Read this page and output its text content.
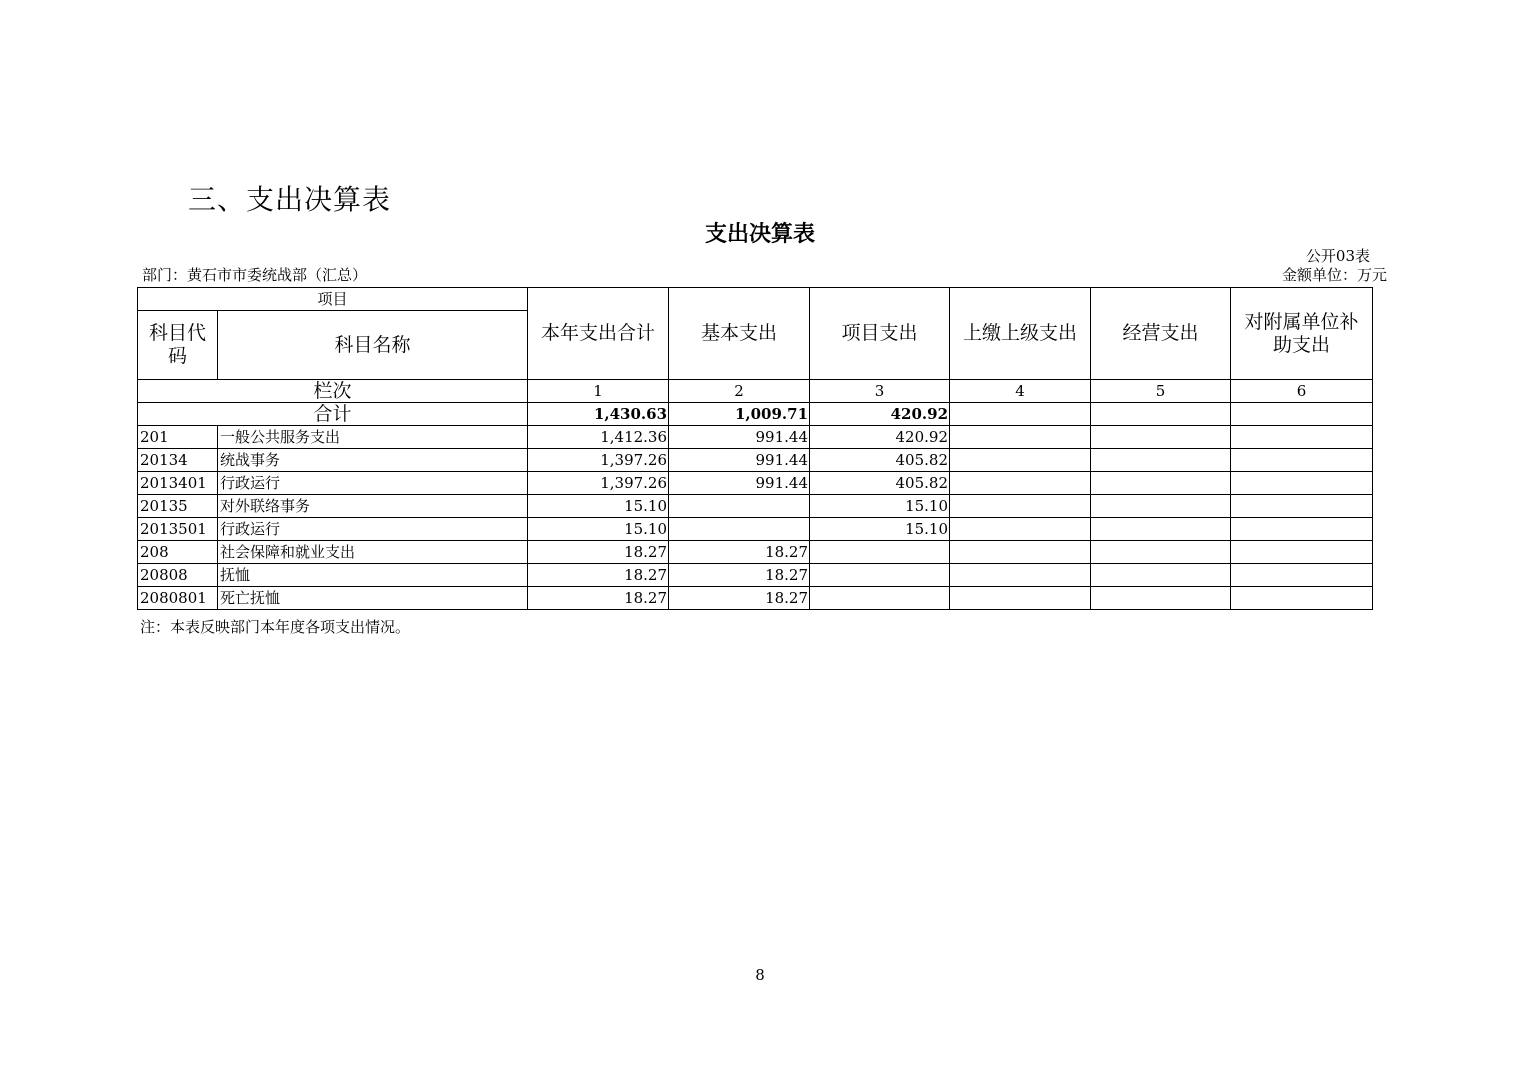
三、支出决算表
支出决算表
公开03表
部门：黄石市市委统战部（汇总）	金额单位：万元
项目		本年支出合计	基本支出	项目支出	上缴上级支出	经营支出	对附属单位补助支出
科目代码	科目名称						
栏次		1	2	3	4	5	6
合计		1,430.63	1,009.71	420.92			
201	一般公共服务支出	1,412.36	991.44	420.92			
20134	统战事务	1,397.26	991.44	405.82			
2013401	行政运行	1,397.26	991.44	405.82			
20135	对外联络事务	15.10		15.10			
2013501	行政运行	15.10		15.10			
208	社会保障和就业支出	18.27	18.27				
20808	抚恤	18.27	18.27				
2080801	死亡抚恤	18.27	18.27				
注：本表反映部门本年度各项支出情况。
8
